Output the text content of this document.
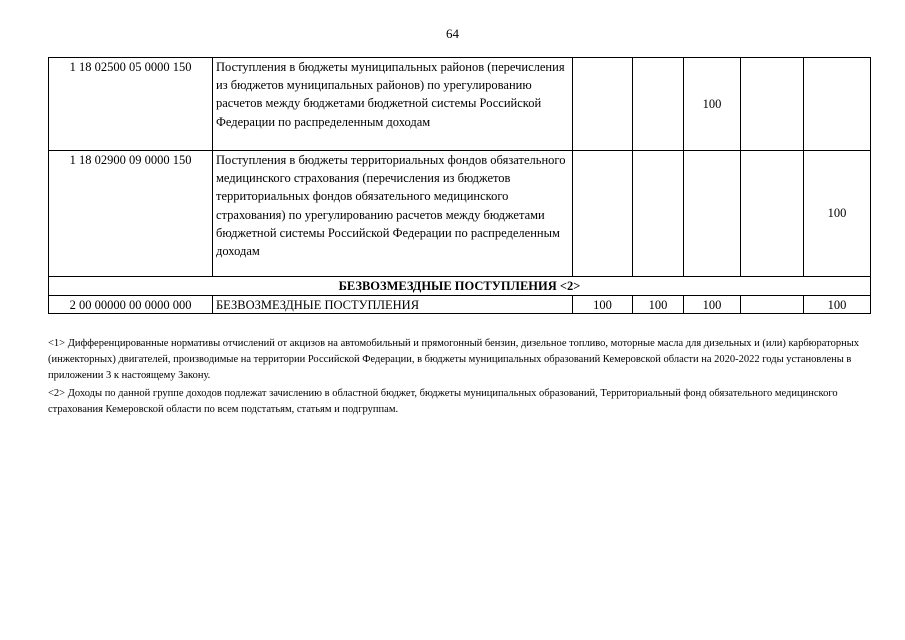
64
1 18 02500 05 0000 150	Поступления в бюджеты муниципальных районов (перечисления из бюджетов муниципальных районов) по урегулированию расчетов между бюджетами бюджетной системы Российской Федерации по распределенным доходам			100		
1 18 02900 09 0000 150	Поступления в бюджеты территориальных фондов обязательного медицинского страхования (перечисления из бюджетов территориальных фондов обязательного медицинского страхования) по урегулированию расчетов между бюджетами бюджетной системы Российской Федерации по распределенным доходам					100
БЕЗВОЗМЕЗДНЫЕ ПОСТУПЛЕНИЯ <2>						
2 00 00000 00 0000 000	БЕЗВОЗМЕЗДНЫЕ ПОСТУПЛЕНИЯ	100	100	100		100
<1> Дифференцированные нормативы отчислений от акцизов на автомобильный и прямогонный бензин, дизельное топливо, моторные масла для дизельных и (или) карбюраторных (инжекторных) двигателей, производимые на территории Российской Федерации, в бюджеты муниципальных образований Кемеровской области на 2020-2022 годы установлены в приложении 3 к настоящему Закону.
<2> Доходы по данной группе доходов подлежат зачислению в областной бюджет, бюджеты муниципальных образований, Территориальный фонд обязательного медицинского страхования Кемеровской области по всем подстатьям, статьям и подгруппам.
